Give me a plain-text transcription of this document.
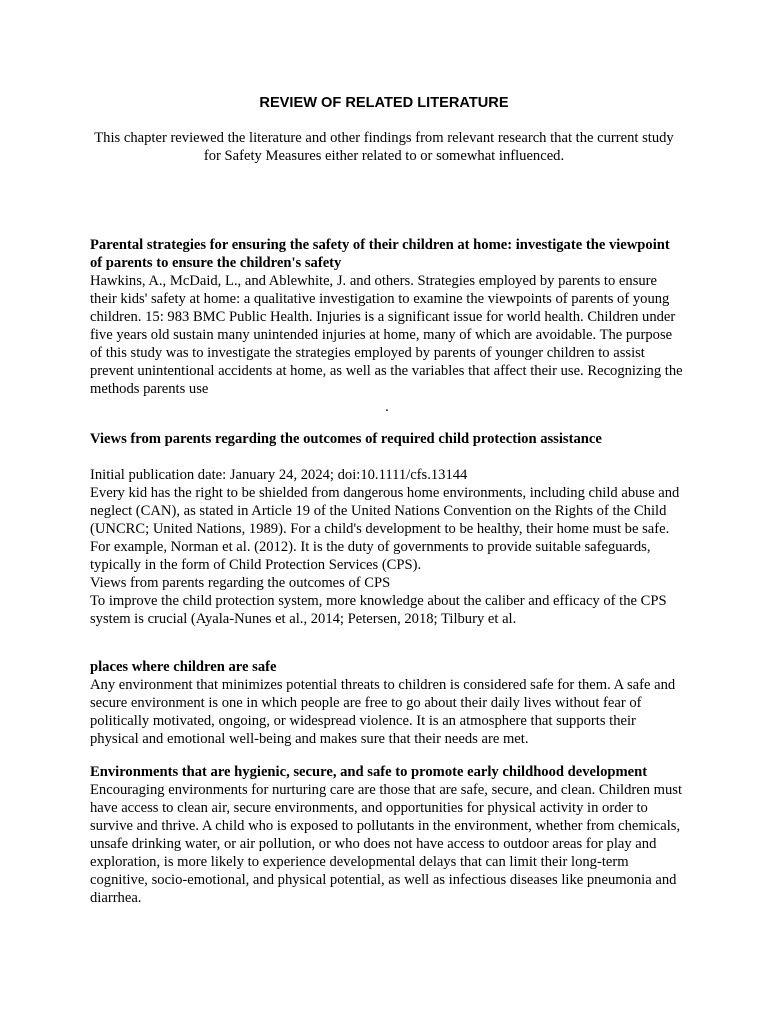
REVIEW OF RELATED LITERATURE

This chapter reviewed the literature and other findings from relevant research that the current study for Safety Measures either related to or somewhat influenced.

Parental strategies for ensuring the safety of their children at home: investigate the viewpoint of parents to ensure the children's safety

Hawkins, A., McDaid, L., and Ablewhite, J. and others. Strategies employed by parents to ensure their kids' safety at home: a qualitative investigation to examine the viewpoints of parents of young children. 15: 983 BMC Public Health. Injuries is a significant issue for world health. Children under five years old sustain many unintended injuries at home, many of which are avoidable. The purpose of this study was to investigate the strategies employed by parents of younger children to assist prevent unintentional accidents at home, as well as the variables that affect their use. Recognizing the methods parents use

.

Views from parents regarding the outcomes of required child protection assistance

Initial publication date: January 24, 2024; doi:10.1111/cfs.13144

Every kid has the right to be shielded from dangerous home environments, including child abuse and neglect (CAN), as stated in Article 19 of the United Nations Convention on the Rights of the Child (UNCRC; United Nations, 1989). For a child's development to be healthy, their home must be safe. For example, Norman et al. (2012). It is the duty of governments to provide suitable safeguards, typically in the form of Child Protection Services (CPS).

Views from parents regarding the outcomes of CPS

To improve the child protection system, more knowledge about the caliber and efficacy of the CPS system is crucial (Ayala-Nunes et al., 2014; Petersen, 2018; Tilbury et al.

places where children are safe

Any environment that minimizes potential threats to children is considered safe for them. A safe and secure environment is one in which people are free to go about their daily lives without fear of politically motivated, ongoing, or widespread violence. It is an atmosphere that supports their physical and emotional well-being and makes sure that their needs are met.

Environments that are hygienic, secure, and safe to promote early childhood development

Encouraging environments for nurturing care are those that are safe, secure, and clean. Children must have access to clean air, secure environments, and opportunities for physical activity in order to survive and thrive. A child who is exposed to pollutants in the environment, whether from chemicals, unsafe drinking water, or air pollution, or who does not have access to outdoor areas for play and exploration, is more likely to experience developmental delays that can limit their long-term cognitive, socio-emotional, and physical potential, as well as infectious diseases like pneumonia and diarrhea.
